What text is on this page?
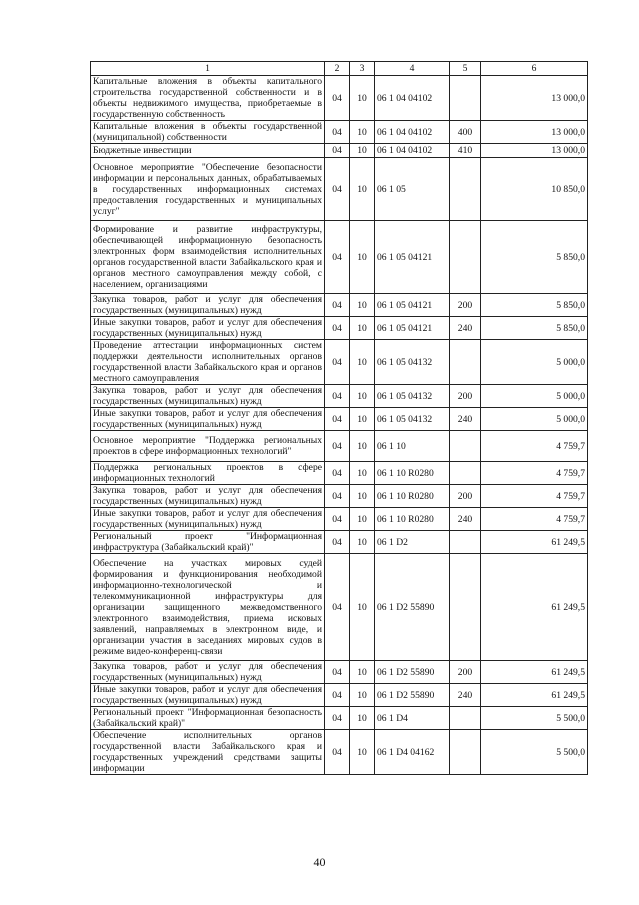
1	2	3	4	5	6
Капитальные вложения в объекты капитального строительства государственной собственности и в объекты недвижимого имущества, приобретаемые в государственную собственность	04	10	06 1 04 04102		13 000,0
Капитальные вложения в объекты государственной (муниципальной) собственности	04	10	06 1 04 04102	400	13 000,0
Бюджетные инвестиции	04	10	06 1 04 04102	410	13 000,0
Основное мероприятие "Обеспечение безопасности информации и персональных данных, обрабатываемых в государственных информационных системах предоставления государственных и муниципальных услуг"	04	10	06 1 05		10 850,0
Формирование и развитие инфраструктуры, обеспечивающей информационную безопасность электронных форм взаимодействия исполнительных органов государственной власти Забайкальского края и органов местного самоуправления между собой, с населением, организациями	04	10	06 1 05 04121		5 850,0
Закупка товаров, работ и услуг для обеспечения государственных (муниципальных) нужд	04	10	06 1 05 04121	200	5 850,0
Иные закупки товаров, работ и услуг для обеспечения государственных (муниципальных) нужд	04	10	06 1 05 04121	240	5 850,0
Проведение аттестации информационных систем поддержки деятельности исполнительных органов государственной власти Забайкальского края и органов местного самоуправления	04	10	06 1 05 04132		5 000,0
Закупка товаров, работ и услуг для обеспечения государственных (муниципальных) нужд	04	10	06 1 05 04132	200	5 000,0
Иные закупки товаров, работ и услуг для обеспечения государственных (муниципальных) нужд	04	10	06 1 05 04132	240	5 000,0
Основное мероприятие "Поддержка региональных проектов в сфере информационных технологий"	04	10	06 1 10		4 759,7
Поддержка региональных проектов в сфере информационных технологий	04	10	06 1 10 R0280		4 759,7
Закупка товаров, работ и услуг для обеспечения государственных (муниципальных) нужд	04	10	06 1 10 R0280	200	4 759,7
Иные закупки товаров, работ и услуг для обеспечения государственных (муниципальных) нужд	04	10	06 1 10 R0280	240	4 759,7
Региональный проект "Информационная инфраструктура (Забайкальский край)"	04	10	06 1 D2		61 249,5
Обеспечение на участках мировых судей формирования и функционирования необходимой информационно-технологической и телекоммуникационной инфраструктуры для организации защищенного межведомственного электронного взаимодействия, приема исковых заявлений, направляемых в электронном виде, и организации участия в заседаниях мировых судов в режиме видео-конференц-связи	04	10	06 1 D2 55890		61 249,5
Закупка товаров, работ и услуг для обеспечения государственных (муниципальных) нужд	04	10	06 1 D2 55890	200	61 249,5
Иные закупки товаров, работ и услуг для обеспечения государственных (муниципальных) нужд	04	10	06 1 D2 55890	240	61 249,5
Региональный проект "Информационная безопасность (Забайкальский край)"	04	10	06 1 D4		5 500,0
Обеспечение исполнительных органов государственной власти Забайкальского края и государственных учреждений средствами защиты информации	04	10	06 1 D4 04162		5 500,0
40
